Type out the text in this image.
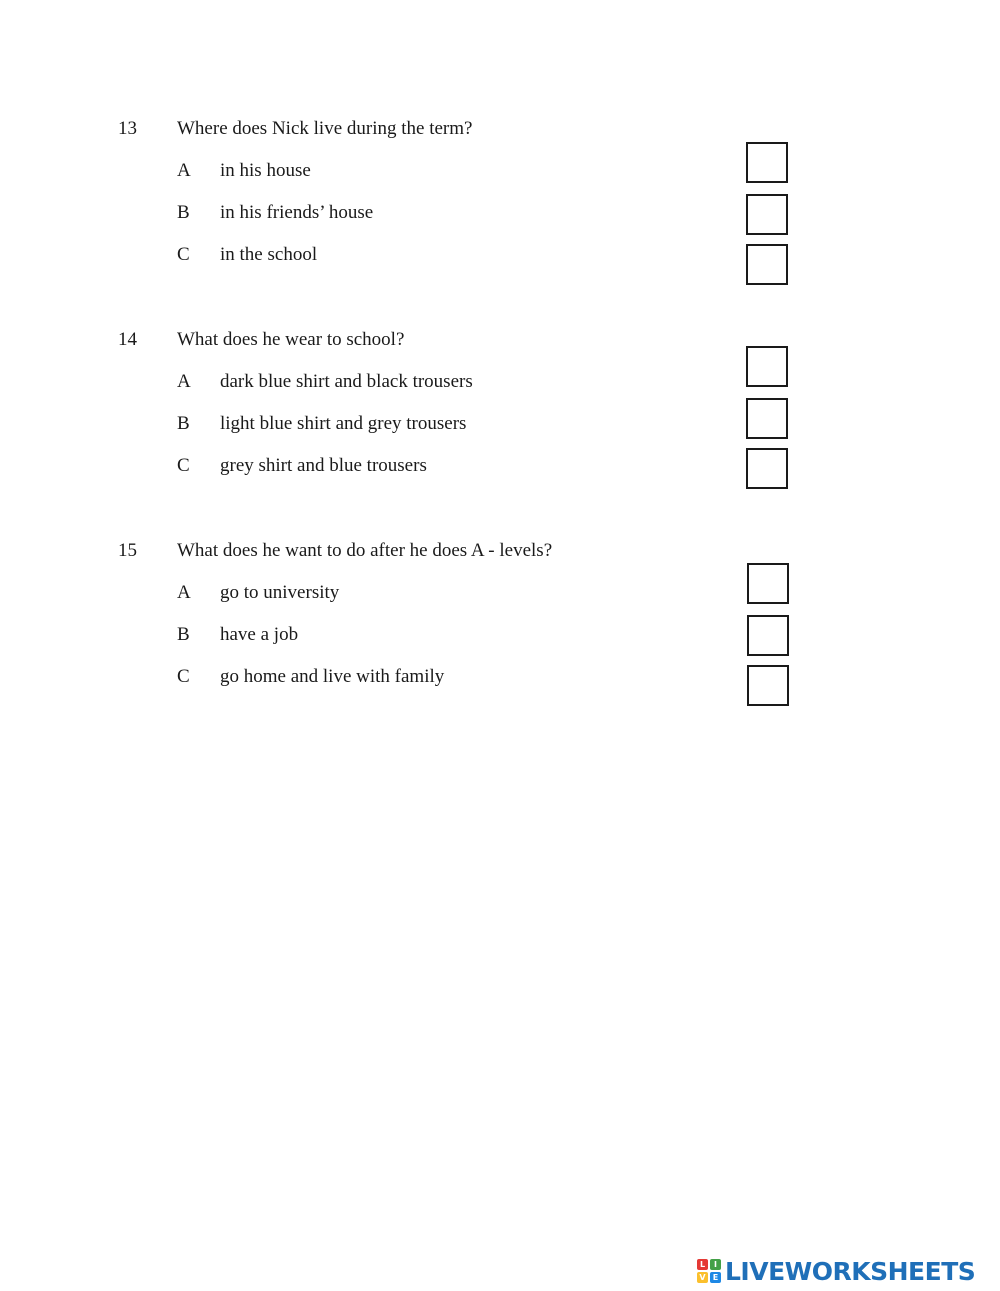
13 Where does Nick live during the term?
A in his house
B in his friends’ house
C in the school
14 What does he wear to school?
A dark blue shirt and black trousers
B light blue shirt and grey trousers
C grey shirt and blue trousers
15 What does he want to do after he does A - levels?
A go to university
B have a job
C go home and live with family
L	I
V E LIVEWORKSHEETS
